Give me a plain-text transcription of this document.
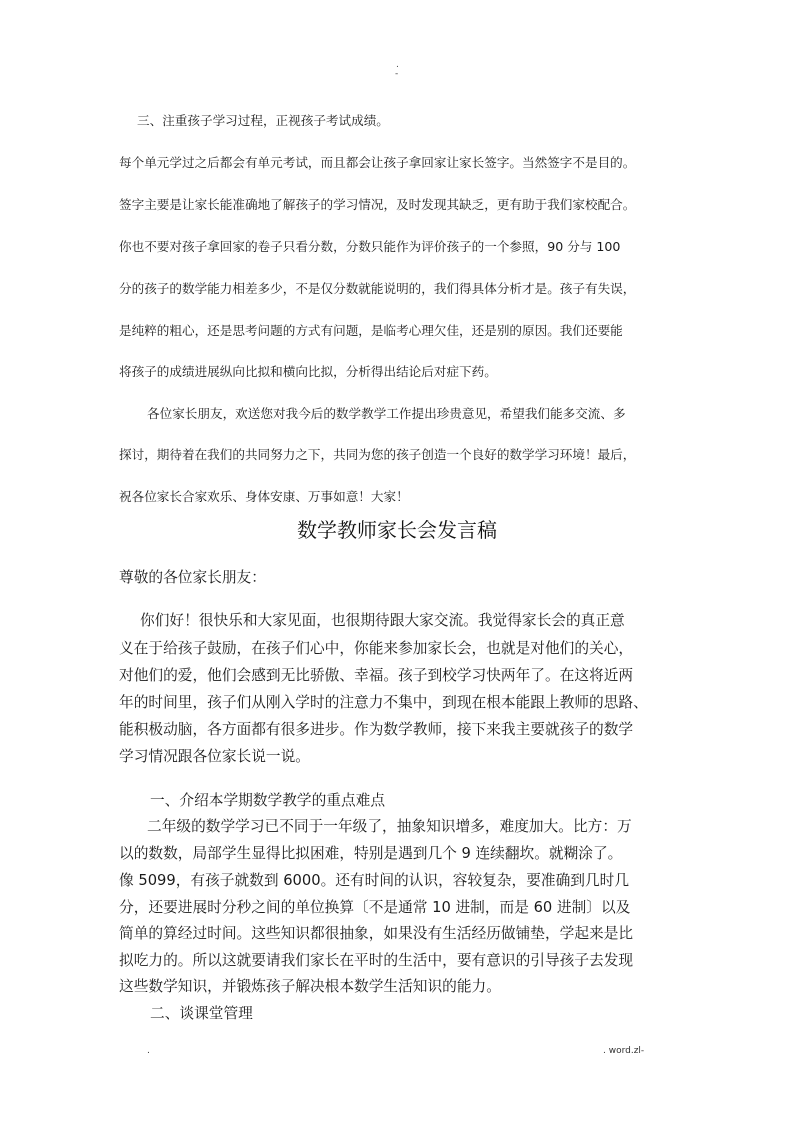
.
-
三、注重孩子学习过程，正视孩子考试成绩。
每个单元学过之后都会有单元考试，而且都会让孩子拿回家让家长签字。当然签字不是目的。
签字主要是让家长能准确地了解孩子的学习情况，及时发现其缺乏，更有助于我们家校配合。
你也不要对孩子拿回家的卷子只看分数，分数只能作为评价孩子的一个参照，90 分与 100
分的孩子的数学能力相差多少，不是仅分数就能说明的，我们得具体分析才是。孩子有失误，
是纯粹的粗心，还是思考问题的方式有问题，是临考心理欠佳，还是别的原因。我们还要能
将孩子的成绩进展纵向比拟和横向比拟，分析得出结论后对症下药。
各位家长朋友，欢送您对我今后的数学教学工作提出珍贵意见，希望我们能多交流、多
探讨，期待着在我们的共同努力之下，共同为您的孩子创造一个良好的数学学习环境！最后，
祝各位家长合家欢乐、身体安康、万事如意！大家！
数学教师家长会发言稿
尊敬的各位家长朋友：
你们好！很快乐和大家见面，也很期待跟大家交流。我觉得家长会的真正意
义在于给孩子鼓励，在孩子们心中，你能来参加家长会，也就是对他们的关心，
对他们的爱，他们会感到无比骄傲、幸福。孩子到校学习快两年了。在这将近两
年的时间里，孩子们从刚入学时的注意力不集中，到现在根本能跟上教师的思路、
能积极动脑，各方面都有很多进步。作为数学教师，接下来我主要就孩子的数学
学习情况跟各位家长说一说。
一、介绍本学期数学教学的重点难点
二年级的数学学习已不同于一年级了，抽象知识增多，难度加大。比方：万
以的数数，局部学生显得比拟困难，特别是遇到几个 9 连续翻坎。就糊涂了。
像 5099，有孩子就数到 6000。还有时间的认识，容较复杂，要准确到几时几
分，还要进展时分秒之间的单位换算〔不是通常 10 进制，而是 60 进制〕以及
简单的算经过时间。这些知识都很抽象，如果没有生活经历做铺垫，学起来是比
拟吃力的。所以这就要请我们家长在平时的生活中，要有意识的引导孩子去发现
这些数学知识，并锻炼孩子解决根本数学生活知识的能力。
二、谈课堂管理
.	. word.zl-
